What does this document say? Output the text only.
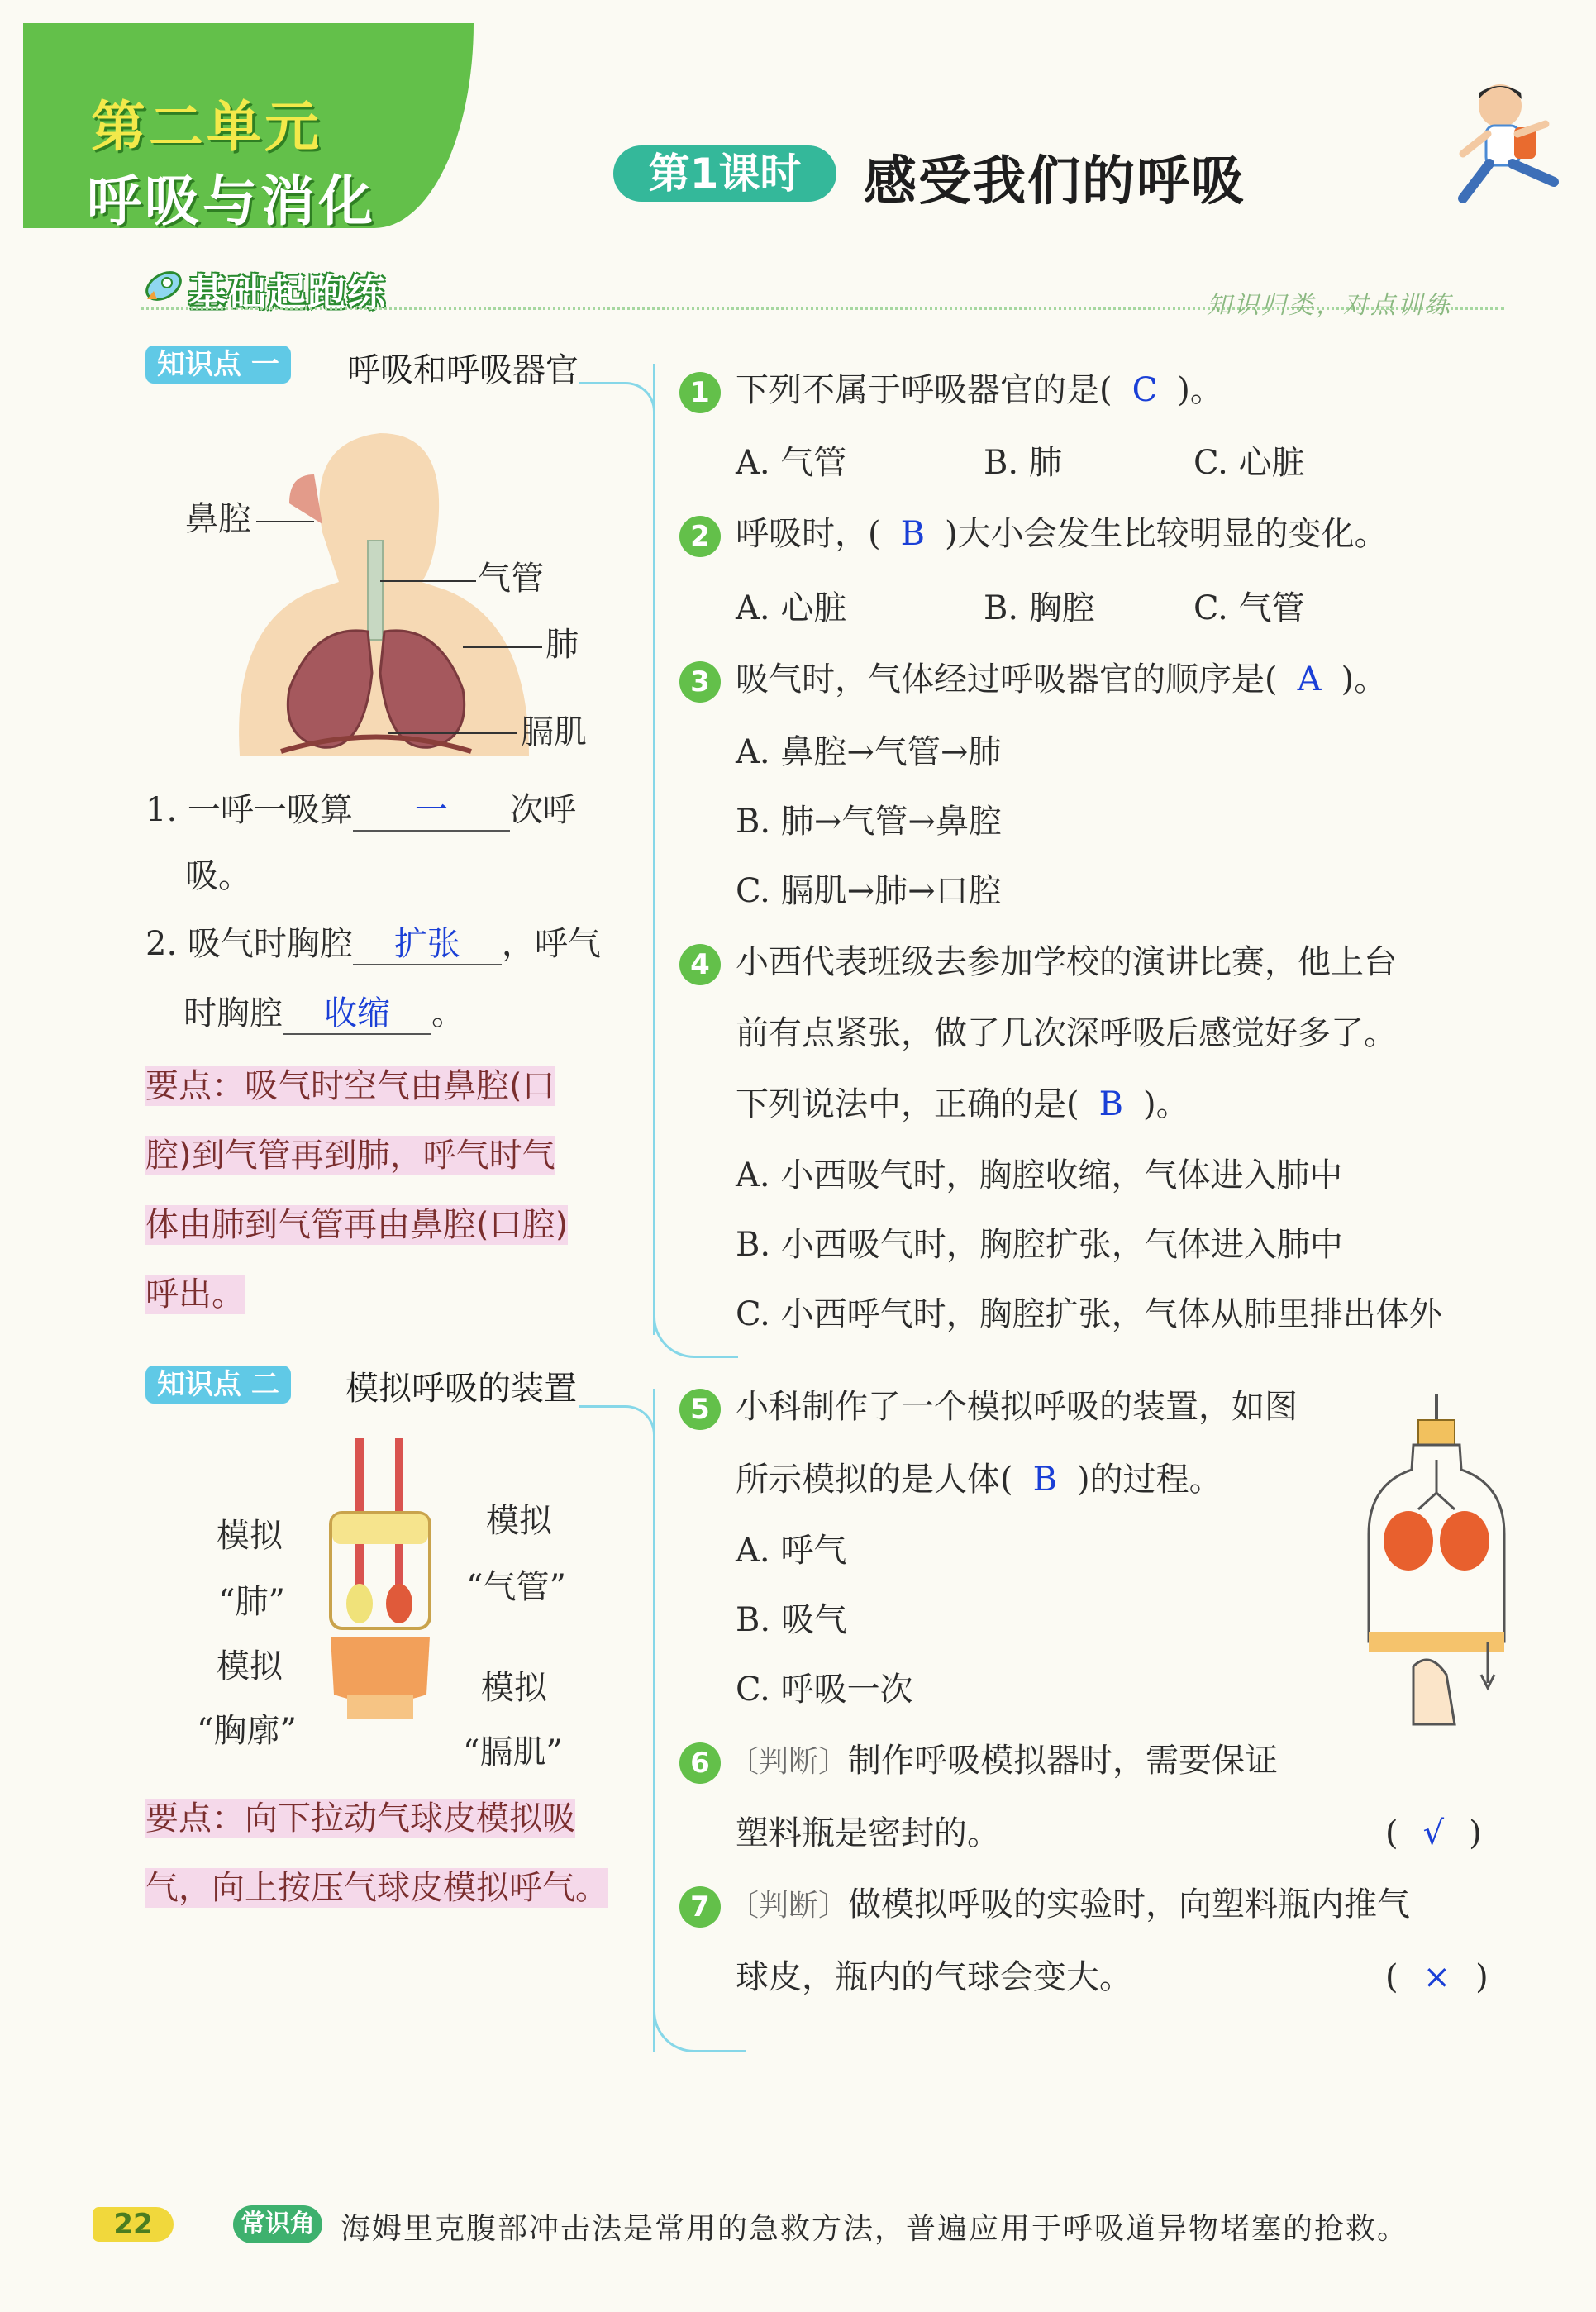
第二单元
呼吸与消化	第1课时	感受我们的呼吸
基础起跑练	知识归类，对点训练
知识点 一	呼吸和呼吸器官
鼻腔
气管
肺
膈肌
1. 一呼一吸算 一 次呼
吸。
2. 吸气时胸腔 扩张 ，呼气
时胸腔 收缩 。
要点：吸气时空气由鼻腔(口
腔)到气管再到肺，呼气时气
体由肺到气管再由鼻腔(口腔)
呼出。
知识点 二	模拟呼吸的装置
模拟
“肺”
模拟
“气管”
模拟
“胸廓”
模拟
“膈肌”
要点：向下拉动气球皮模拟吸
气，向上按压气球皮模拟呼气。
1 下列不属于呼吸器官的是( C )。
A. 气管	B. 肺	C. 心脏
2 呼吸时，( B )大小会发生比较明显的变化。
A. 心脏	B. 胸腔	C. 气管
3 吸气时，气体经过呼吸器官的顺序是( A )。
A. 鼻腔→气管→肺
B. 肺→气管→鼻腔
C. 膈肌→肺→口腔
4 小西代表班级去参加学校的演讲比赛，他上台
前有点紧张，做了几次深呼吸后感觉好多了。
下列说法中，正确的是( B )。
A. 小西吸气时，胸腔收缩，气体进入肺中
B. 小西吸气时，胸腔扩张，气体进入肺中
C. 小西呼气时，胸腔扩张，气体从肺里排出体外
5 小科制作了一个模拟呼吸的装置，如图
所示模拟的是人体( B )的过程。
A. 呼气
B. 吸气
C. 呼吸一次
6 〔判断〕制作呼吸模拟器时，需要保证
塑料瓶是密封的。	( √ )
7 〔判断〕做模拟呼吸的实验时，向塑料瓶内推气
球皮，瓶内的气球会变大。	( × )
22	常识角 海姆里克腹部冲击法是常用的急救方法，普遍应用于呼吸道异物堵塞的抢救。
